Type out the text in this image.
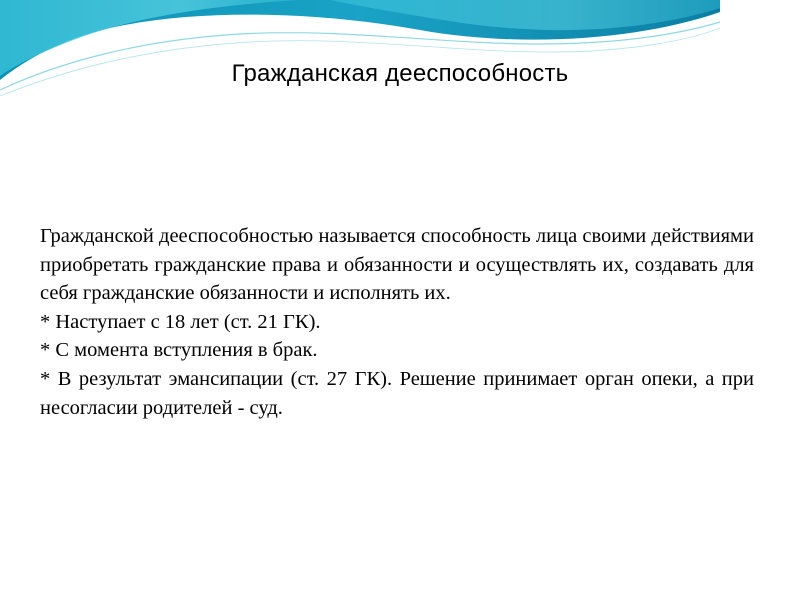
Гражданская дееспособность

Гражданской дееспособностью называется способность лица своими действиями приобретать гражданские права и обязанности и осуществлять их, создавать для себя гражданские обязанности и исполнять их.

* Наступает с 18 лет (ст. 21 ГК).

* С момента вступления в брак.

* В результат эмансипации (ст. 27 ГК). Решение принимает орган опеки, а при несогласии родителей - суд.
